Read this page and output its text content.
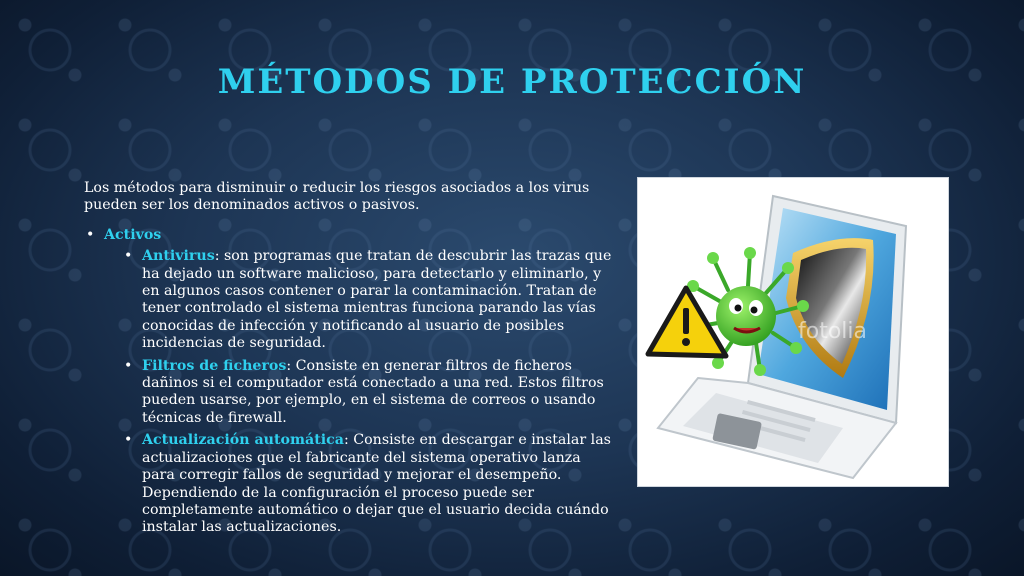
MÉTODOS DE PROTECCIÓN

Los métodos para disminuir o reducir los riesgos asociados a los virus pueden ser los denominados activos o pasivos.

• Activos
• Antivirus: son programas que tratan de descubrir las trazas que ha dejado un software malicioso, para detectarlo y eliminarlo, y en algunos casos contener o parar la contaminación. Tratan de tener controlado el sistema mientras funciona parando las vías conocidas de infección y notificando al usuario de posibles incidencias de seguridad.
• Filtros de ficheros: Consiste en generar filtros de ficheros dañinos si el computador está conectado a una red. Estos filtros pueden usarse, por ejemplo, en el sistema de correos o usando técnicas de firewall.
• Actualización automática: Consiste en descargar e instalar las actualizaciones que el fabricante del sistema operativo lanza para corregir fallos de seguridad y mejorar el desempeño. Dependiendo de la configuración el proceso puede ser completamente automático o dejar que el usuario decida cuándo instalar las actualizaciones.
fotolia
